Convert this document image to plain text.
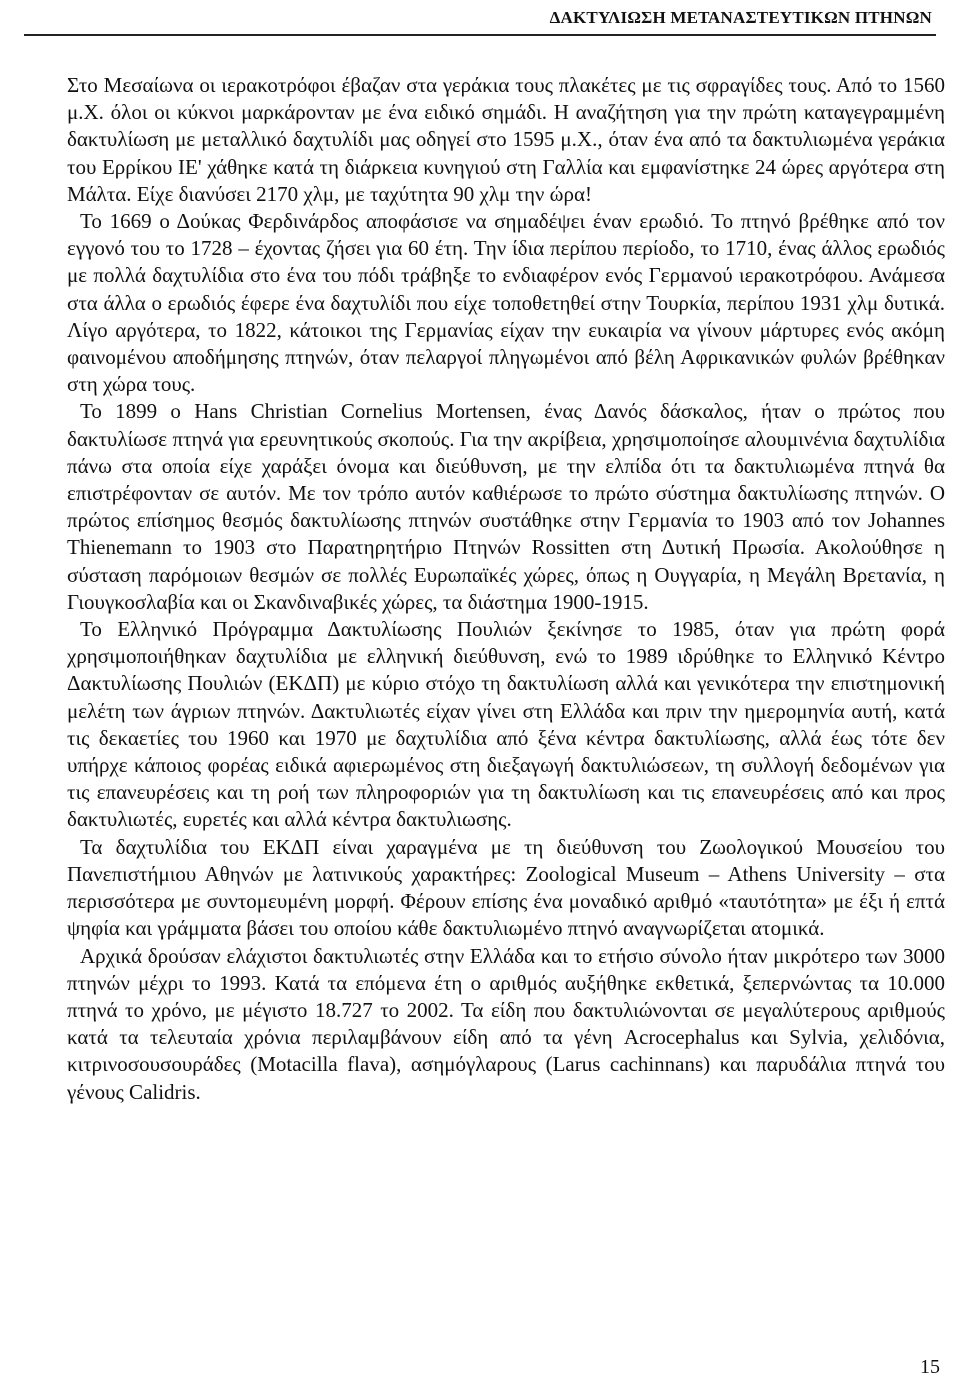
ΔΑΚΤΥΛΙΩΣΗ ΜΕΤΑΝΑΣΤΕΥΤΙΚΩΝ ΠΤΗΝΩΝ

Στο Μεσαίωνα οι ιερακοτρόφοι έβαζαν στα γεράκια τους πλακέτες με τις σφραγίδες τους. Από το 1560 μ.Χ. όλοι οι κύκνοι μαρκάρονταν με ένα ειδικό σημάδι. Η αναζήτηση για την πρώτη καταγεγραμμένη δακτυλίωση με μεταλλικό δαχτυλίδι μας οδηγεί στο 1595 μ.Χ., όταν ένα από τα δακτυλιωμένα γεράκια του Ερρίκου ΙΕ' χάθηκε κατά τη διάρκεια κυνηγιού στη Γαλλία και εμφανίστηκε 24 ώρες αργότερα στη Μάλτα. Είχε διανύσει 2170 χλμ, με ταχύτητα 90 χλμ την ώρα!

Το 1669 ο Δούκας Φερδινάρδος αποφάσισε να σημαδέψει έναν ερωδιό. Το πτηνό βρέθηκε από τον εγγονό του το 1728 – έχοντας ζήσει για 60 έτη. Την ίδια περίπου περίοδο, το 1710, ένας άλλος ερωδιός με πολλά δαχτυλίδια στο ένα του πόδι τράβηξε το ενδιαφέρον ενός Γερμανού ιερακοτρόφου. Ανάμεσα στα άλλα ο ερωδιός έφερε ένα δαχτυλίδι που είχε τοποθετηθεί στην Τουρκία, περίπου 1931 χλμ δυτικά. Λίγο αργότερα, το 1822, κάτοικοι της Γερμανίας είχαν την ευκαιρία να γίνουν μάρτυρες ενός ακόμη φαινομένου αποδήμησης πτηνών, όταν πελαργοί πληγωμένοι από βέλη Αφρικανικών φυλών βρέθηκαν στη χώρα τους.

Το 1899 ο Hans Christian Cornelius Mortensen, ένας Δανός δάσκαλος, ήταν ο πρώτος που δακτυλίωσε πτηνά για ερευνητικούς σκοπούς. Για την ακρίβεια, χρησιμοποίησε αλουμινένια δαχτυλίδια πάνω στα οποία είχε χαράξει όνομα και διεύθυνση, με την ελπίδα ότι τα δακτυλιωμένα πτηνά θα επιστρέφονταν σε αυτόν. Με τον τρόπο αυτόν καθιέρωσε το πρώτο σύστημα δακτυλίωσης πτηνών. Ο πρώτος επίσημος θεσμός δακτυλίωσης πτηνών συστάθηκε στην Γερμανία το 1903 από τον Johannes Thienemann το 1903 στο Παρατηρητήριο Πτηνών Rossitten στη Δυτική Πρωσία. Ακολούθησε η σύσταση παρόμοιων θεσμών σε πολλές Ευρωπαϊκές χώρες, όπως η Ουγγαρία, η Μεγάλη Βρετανία, η Γιουγκοσλαβία και οι Σκανδιναβικές χώρες, τα διάστημα 1900-1915.

Το Ελληνικό Πρόγραμμα Δακτυλίωσης Πουλιών ξεκίνησε το 1985, όταν για πρώτη φορά χρησιμοποιήθηκαν δαχτυλίδια με ελληνική διεύθυνση, ενώ το 1989 ιδρύθηκε το Ελληνικό Κέντρο Δακτυλίωσης Πουλιών (ΕΚΔΠ) με κύριο στόχο τη δακτυλίωση αλλά και γενικότερα την επιστημονική μελέτη των άγριων πτηνών. Δακτυλιωτές είχαν γίνει στη Ελλάδα και πριν την ημερομηνία αυτή, κατά τις δεκαετίες του 1960 και 1970 με δαχτυλίδια από ξένα κέντρα δακτυλίωσης, αλλά έως τότε δεν υπήρχε κάποιος φορέας ειδικά αφιερωμένος στη διεξαγωγή δακτυλιώσεων, τη συλλογή δεδομένων για τις επανευρέσεις και τη ροή των πληροφοριών για τη δακτυλίωση και τις επανευρέσεις από και προς δακτυλιωτές, ευρετές και αλλά κέντρα δακτυλιωσης.

Τα δαχτυλίδια του ΕΚΔΠ είναι χαραγμένα με τη διεύθυνση του Ζωολογικού Μουσείου του Πανεπιστήμιου Αθηνών με λατινικούς χαρακτήρες: Zoological Museum – Athens University – στα περισσότερα με συντομευμένη μορφή. Φέρουν επίσης ένα μοναδικό αριθμό «ταυτότητα» με έξι ή επτά ψηφία και γράμματα βάσει του οποίου κάθε δακτυλιωμένο πτηνό αναγνωρίζεται ατομικά.

Αρχικά δρούσαν ελάχιστοι δακτυλιωτές στην Ελλάδα και το ετήσιο σύνολο ήταν μικρότερο των 3000 πτηνών μέχρι το 1993. Κατά τα επόμενα έτη ο αριθμός αυξήθηκε εκθετικά, ξεπερνώντας τα 10.000 πτηνά το χρόνο, με μέγιστο 18.727 το 2002. Τα είδη που δακτυλιώνονται σε μεγαλύτερους αριθμούς κατά τα τελευταία χρόνια περιλαμβάνουν είδη από τα γένη Acrocephalus και Sylvia, χελιδόνια, κιτρινοσουσουράδες (Motacilla flava), ασημόγλαρους (Larus cachinnans) και παρυδάλια πτηνά του γένους Calidris.

15
